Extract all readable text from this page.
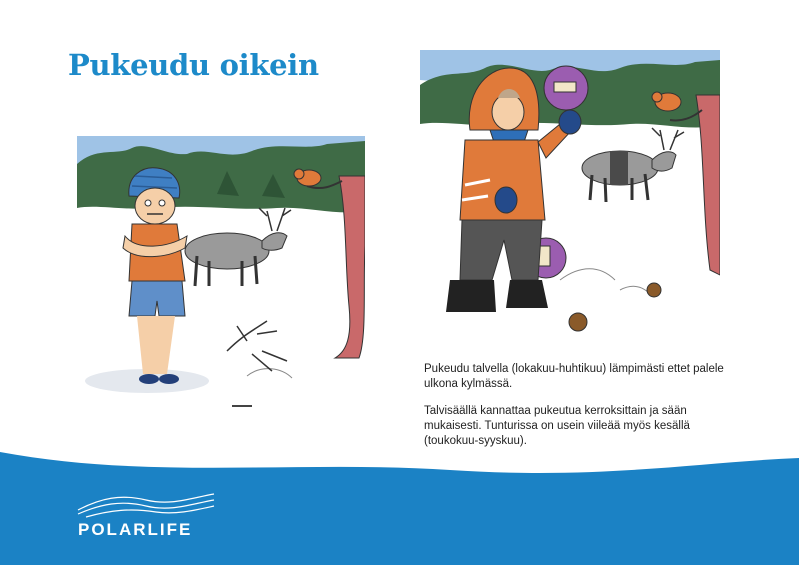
Pukeudu oikein

Pukeudu talvella (lokakuu-huhtikuu) lämpimästi ettet palele ulkona kylmässä.

Talvisäällä kannattaa pukeutua kerroksittain ja sään mukaisesti. Tunturissa on usein viileää myös kesällä (toukokuu-syyskuu).

POLARLIFE
